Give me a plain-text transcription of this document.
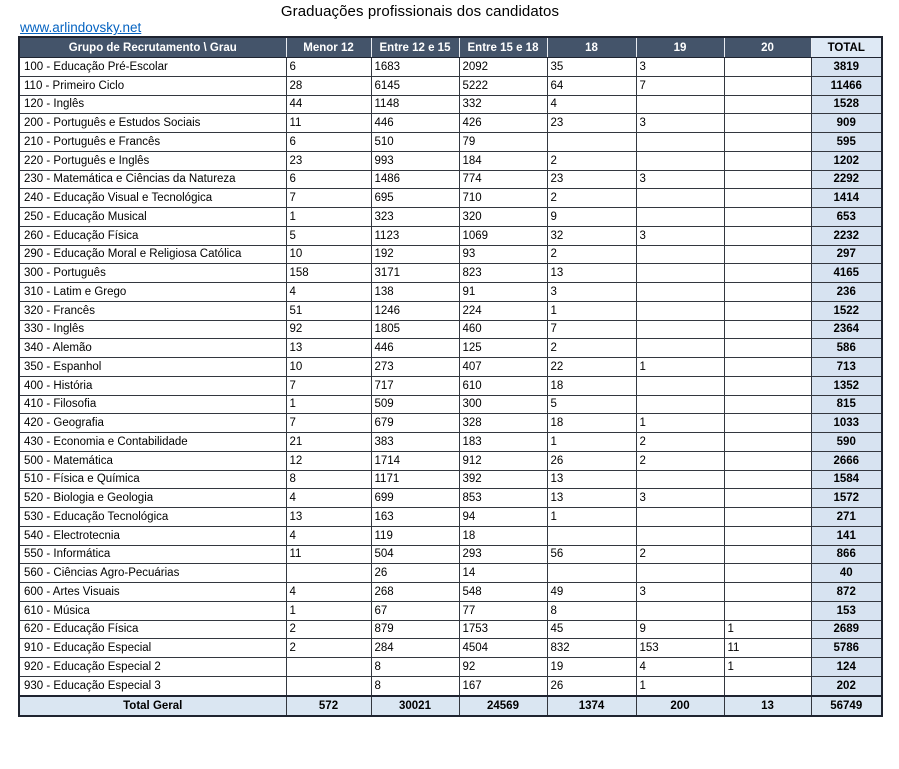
Graduações profissionais dos candidatos
www.arlindovsky.net
Grupo de Recrutamento \ Grau	Menor 12	Entre 12 e 15	Entre 15 e 18	18	19	20	TOTAL
100 - Educação Pré-Escolar	6	1683	2092	35	3		3819
110 - Primeiro Ciclo	28	6145	5222	64	7		11466
120 - Inglês	44	1148	332	4			1528
200 - Português e Estudos Sociais	11	446	426	23	3		909
210 - Português e Francês	6	510	79				595
220 - Português e Inglês	23	993	184	2			1202
230 - Matemática e Ciências da Natureza	6	1486	774	23	3		2292
240 - Educação Visual e Tecnológica	7	695	710	2			1414
250 - Educação Musical	1	323	320	9			653
260 - Educação Física	5	1123	1069	32	3		2232
290 - Educação Moral e Religiosa Católica	10	192	93	2			297
300 - Português	158	3171	823	13			4165
310 - Latim e Grego	4	138	91	3			236
320 - Francês	51	1246	224	1			1522
330 - Inglês	92	1805	460	7			2364
340 - Alemão	13	446	125	2			586
350 - Espanhol	10	273	407	22	1		713
400 - História	7	717	610	18			1352
410 - Filosofia	1	509	300	5			815
420 - Geografia	7	679	328	18	1		1033
430 - Economia e Contabilidade	21	383	183	1	2		590
500 - Matemática	12	1714	912	26	2		2666
510 - Física e Química	8	1171	392	13			1584
520 - Biologia e Geologia	4	699	853	13	3		1572
530 - Educação Tecnológica	13	163	94	1			271
540 - Electrotecnia	4	119	18				141
550 - Informática	11	504	293	56	2		866
560 - Ciências Agro-Pecuárias		26	14				40
600 - Artes Visuais	4	268	548	49	3		872
610 - Música	1	67	77	8			153
620 - Educação Física	2	879	1753	45	9	1	2689
910 - Educação Especial	2	284	4504	832	153	11	5786
920 - Educação Especial 2		8	92	19	4	1	124
930 - Educação Especial 3		8	167	26	1		202
Total Geral	572	30021	24569	1374	200	13	56749
